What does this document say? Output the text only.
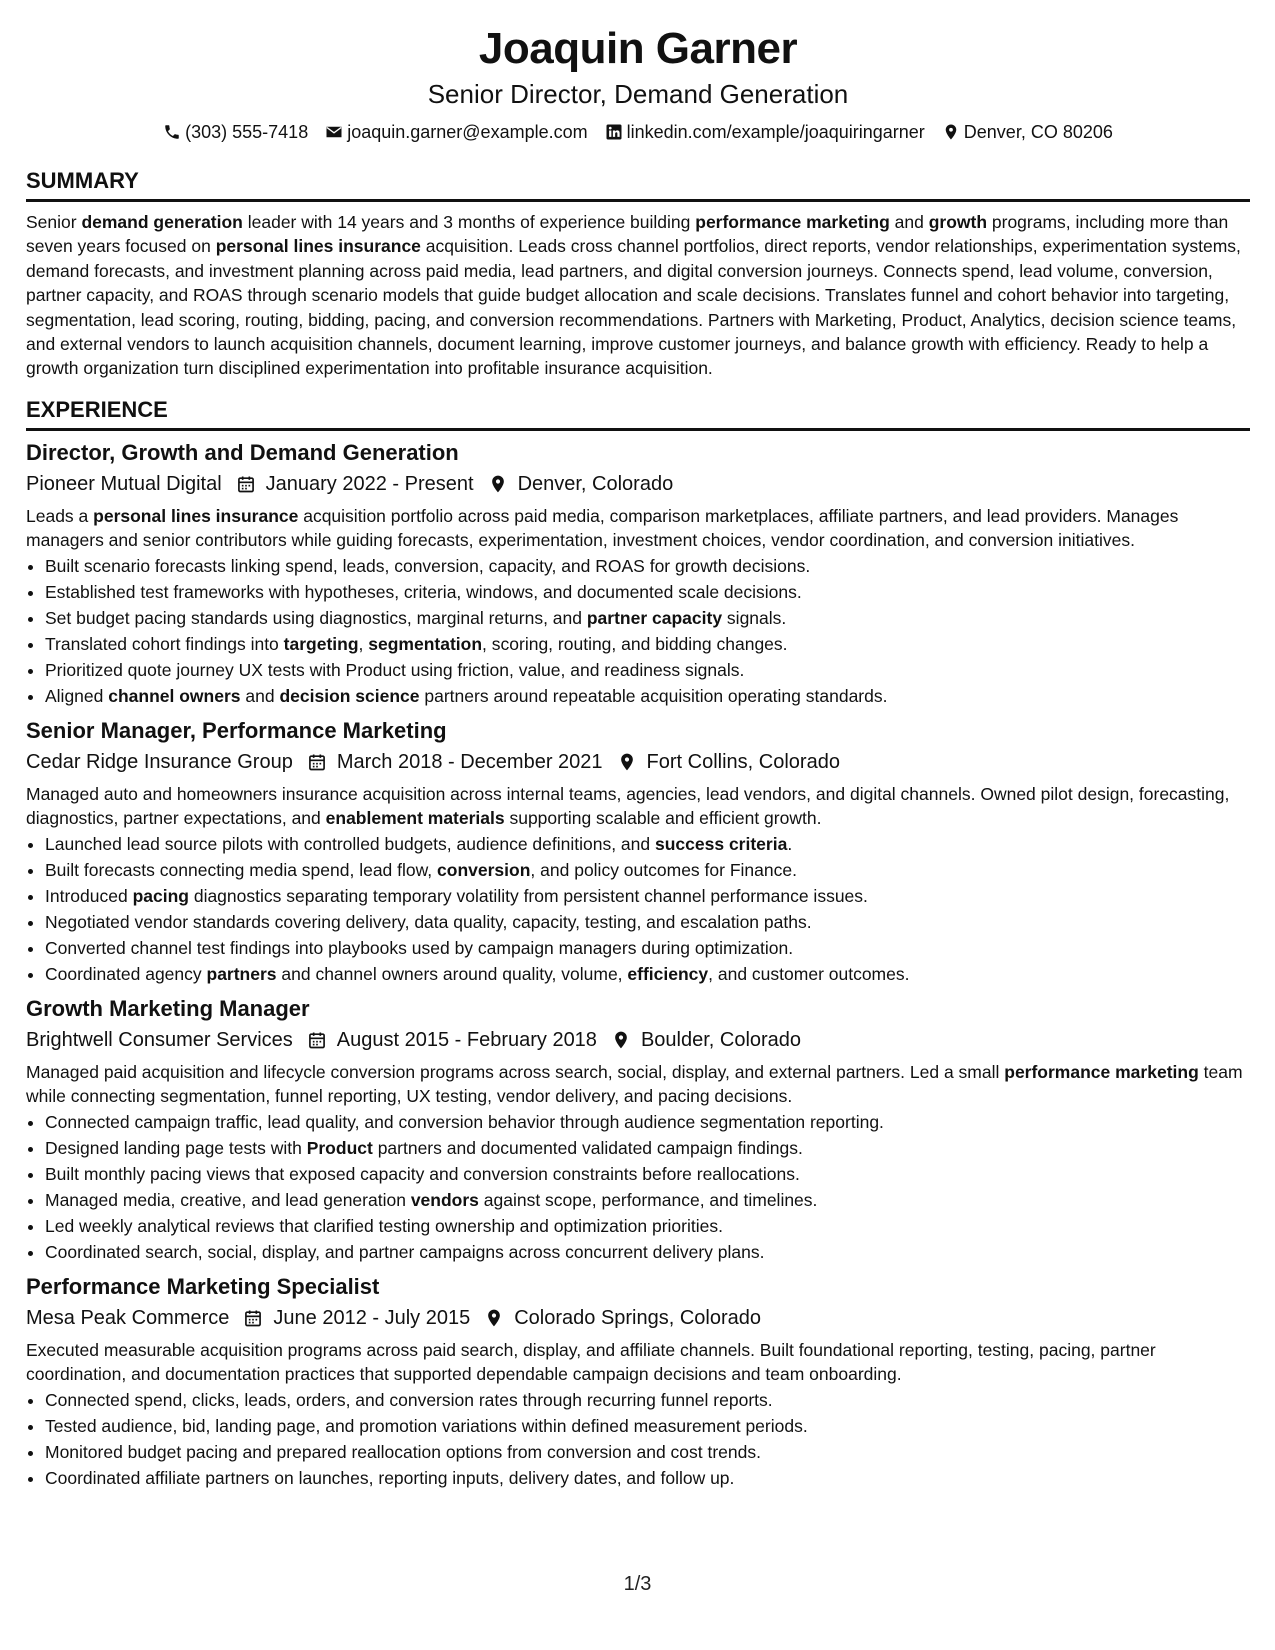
Joaquin Garner
Senior Director, Demand Generation
(303) 555-7418 joaquin.garner@example.com linkedin.com/example/joaquiringarner Denver, CO 80206
SUMMARY
Senior demand generation leader with 14 years and 3 months of experience building performance marketing and growth programs, including more than seven years focused on personal lines insurance acquisition. Leads cross channel portfolios, direct reports, vendor relationships, experimentation systems, demand forecasts, and investment planning across paid media, lead partners, and digital conversion journeys. Connects spend, lead volume, conversion, partner capacity, and ROAS through scenario models that guide budget allocation and scale decisions. Translates funnel and cohort behavior into targeting, segmentation, lead scoring, routing, bidding, pacing, and conversion recommendations. Partners with Marketing, Product, Analytics, decision science teams, and external vendors to launch acquisition channels, document learning, improve customer journeys, and balance growth with efficiency. Ready to help a growth organization turn disciplined experimentation into profitable insurance acquisition.
EXPERIENCE
Director, Growth and Demand Generation
Pioneer Mutual Digital January 2022 - Present Denver, Colorado
Leads a personal lines insurance acquisition portfolio across paid media, comparison marketplaces, affiliate partners, and lead providers. Manages managers and senior contributors while guiding forecasts, experimentation, investment choices, vendor coordination, and conversion initiatives.
• Built scenario forecasts linking spend, leads, conversion, capacity, and ROAS for growth decisions.
• Established test frameworks with hypotheses, criteria, windows, and documented scale decisions.
• Set budget pacing standards using diagnostics, marginal returns, and partner capacity signals.
• Translated cohort findings into targeting, segmentation, scoring, routing, and bidding changes.
• Prioritized quote journey UX tests with Product using friction, value, and readiness signals.
• Aligned channel owners and decision science partners around repeatable acquisition operating standards.
Senior Manager, Performance Marketing
Cedar Ridge Insurance Group March 2018 - December 2021 Fort Collins, Colorado
Managed auto and homeowners insurance acquisition across internal teams, agencies, lead vendors, and digital channels. Owned pilot design, forecasting, diagnostics, partner expectations, and enablement materials supporting scalable and efficient growth.
• Launched lead source pilots with controlled budgets, audience definitions, and success criteria.
• Built forecasts connecting media spend, lead flow, conversion, and policy outcomes for Finance.
• Introduced pacing diagnostics separating temporary volatility from persistent channel performance issues.
• Negotiated vendor standards covering delivery, data quality, capacity, testing, and escalation paths.
• Converted channel test findings into playbooks used by campaign managers during optimization.
• Coordinated agency partners and channel owners around quality, volume, efficiency, and customer outcomes.
Growth Marketing Manager
Brightwell Consumer Services August 2015 - February 2018 Boulder, Colorado
Managed paid acquisition and lifecycle conversion programs across search, social, display, and external partners. Led a small performance marketing team while connecting segmentation, funnel reporting, UX testing, vendor delivery, and pacing decisions.
• Connected campaign traffic, lead quality, and conversion behavior through audience segmentation reporting.
• Designed landing page tests with Product partners and documented validated campaign findings.
• Built monthly pacing views that exposed capacity and conversion constraints before reallocations.
• Managed media, creative, and lead generation vendors against scope, performance, and timelines.
• Led weekly analytical reviews that clarified testing ownership and optimization priorities.
• Coordinated search, social, display, and partner campaigns across concurrent delivery plans.
Performance Marketing Specialist
Mesa Peak Commerce June 2012 - July 2015 Colorado Springs, Colorado
Executed measurable acquisition programs across paid search, display, and affiliate channels. Built foundational reporting, testing, pacing, partner coordination, and documentation practices that supported dependable campaign decisions and team onboarding.
• Connected spend, clicks, leads, orders, and conversion rates through recurring funnel reports.
• Tested audience, bid, landing page, and promotion variations within defined measurement periods.
• Monitored budget pacing and prepared reallocation options from conversion and cost trends.
• Coordinated affiliate partners on launches, reporting inputs, delivery dates, and follow up.
1/3
